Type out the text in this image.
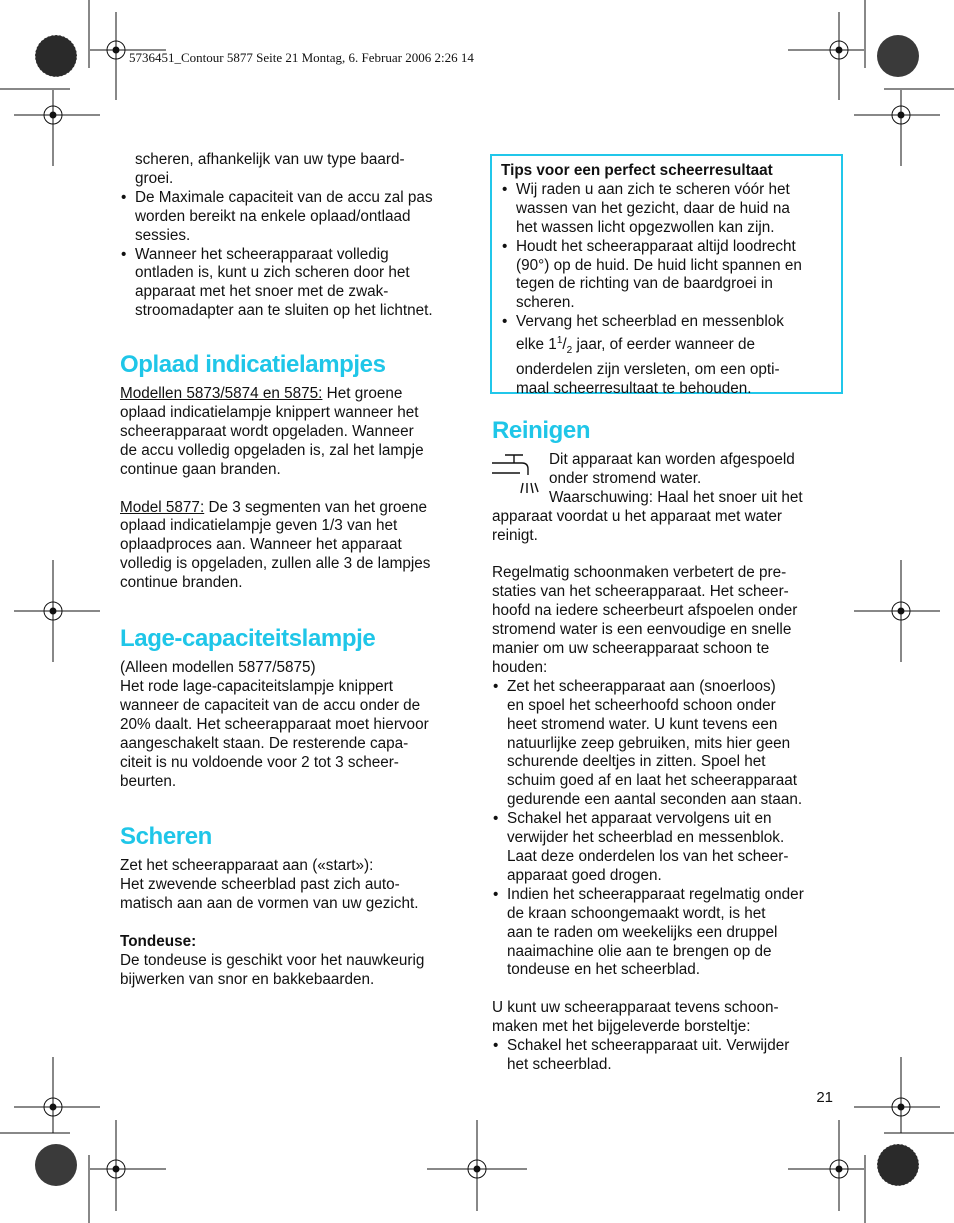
5736451_Contour 5877 Seite 21 Montag, 6. Februar 2006 2:26 14

scheren, afhankelijk van uw type baard-

groei.

• De Maximale capaciteit van de accu zal pas

worden bereikt na enkele oplaad/ontlaad

sessies.

• Wanneer het scheerapparaat volledig

ontladen is, kunt u zich scheren door het

apparaat met het snoer met de zwak-

stroomadapter aan te sluiten op het lichtnet.

Oplaad indicatielampjes

Modellen 5873/5874 en 5875: Het groene

oplaad indicatielampje knippert wanneer het

scheerapparaat wordt opgeladen. Wanneer

de accu volledig opgeladen is, zal het lampje

continue gaan branden.

Model 5877: De 3 segmenten van het groene

oplaad indicatielampje geven 1/3 van het

oplaadproces aan. Wanneer het apparaat

volledig is opgeladen, zullen alle 3 de lampjes

continue branden.

Lage-capaciteitslampje

(Alleen modellen 5877/5875)

Het rode lage-capaciteitslampje knippert

wanneer de capaciteit van de accu onder de

20% daalt. Het scheerapparaat moet hiervoor

aangeschakelt staan. De resterende capa-

citeit is nu voldoende voor 2 tot 3 scheer-

beurten.

Scheren

Zet het scheerapparaat aan («start»):

Het zwevende scheerblad past zich auto-

matisch aan aan de vormen van uw gezicht.

Tondeuse:

De tondeuse is geschikt voor het nauwkeurig

bijwerken van snor en bakkebaarden.

Tips voor een perfect scheerresultaat

• Wij raden u aan zich te scheren vóór het

wassen van het gezicht, daar de huid na

het wassen licht opgezwollen kan zijn.

• Houdt het scheerapparaat altijd loodrecht

(90°) op de huid. De huid licht spannen en

tegen de richting van de baardgroei in

scheren.

• Vervang het scheerblad en messenblok

elke $1^1/_2$ jaar, of eerder wanneer de

onderdelen zijn versleten, om een opti-

maal scheerresultaat te behouden.

Reinigen

Dit apparaat kan worden afgespoeld

onder stromend water.

Waarschuwing: Haal het snoer uit het

apparaat voordat u het apparaat met water

reinigt.

Regelmatig schoonmaken verbetert de pre-

staties van het scheerapparaat. Het scheer-

hoofd na iedere scheerbeurt afspoelen onder

stromend water is een eenvoudige en snelle

manier om uw scheerapparaat schoon te

houden:

• Zet het scheerapparaat aan (snoerloos)

en spoel het scheerhoofd schoon onder

heet stromend water. U kunt tevens een

natuurlijke zeep gebruiken, mits hier geen

schurende deeltjes in zitten. Spoel het

schuim goed af en laat het scheerapparaat

gedurende een aantal seconden aan staan.

• Schakel het apparaat vervolgens uit en

verwijder het scheerblad en messenblok.

Laat deze onderdelen los van het scheer-

apparaat goed drogen.

• Indien het scheerapparaat regelmatig onder

de kraan schoongemaakt wordt, is het

aan te raden om weekelijks een druppel

naaimachine olie aan te brengen op de

tondeuse en het scheerblad.

U kunt uw scheerapparaat tevens schoon-

maken met het bijgeleverde borsteltje:

• Schakel het scheerapparaat uit. Verwijder

het scheerblad.

21
